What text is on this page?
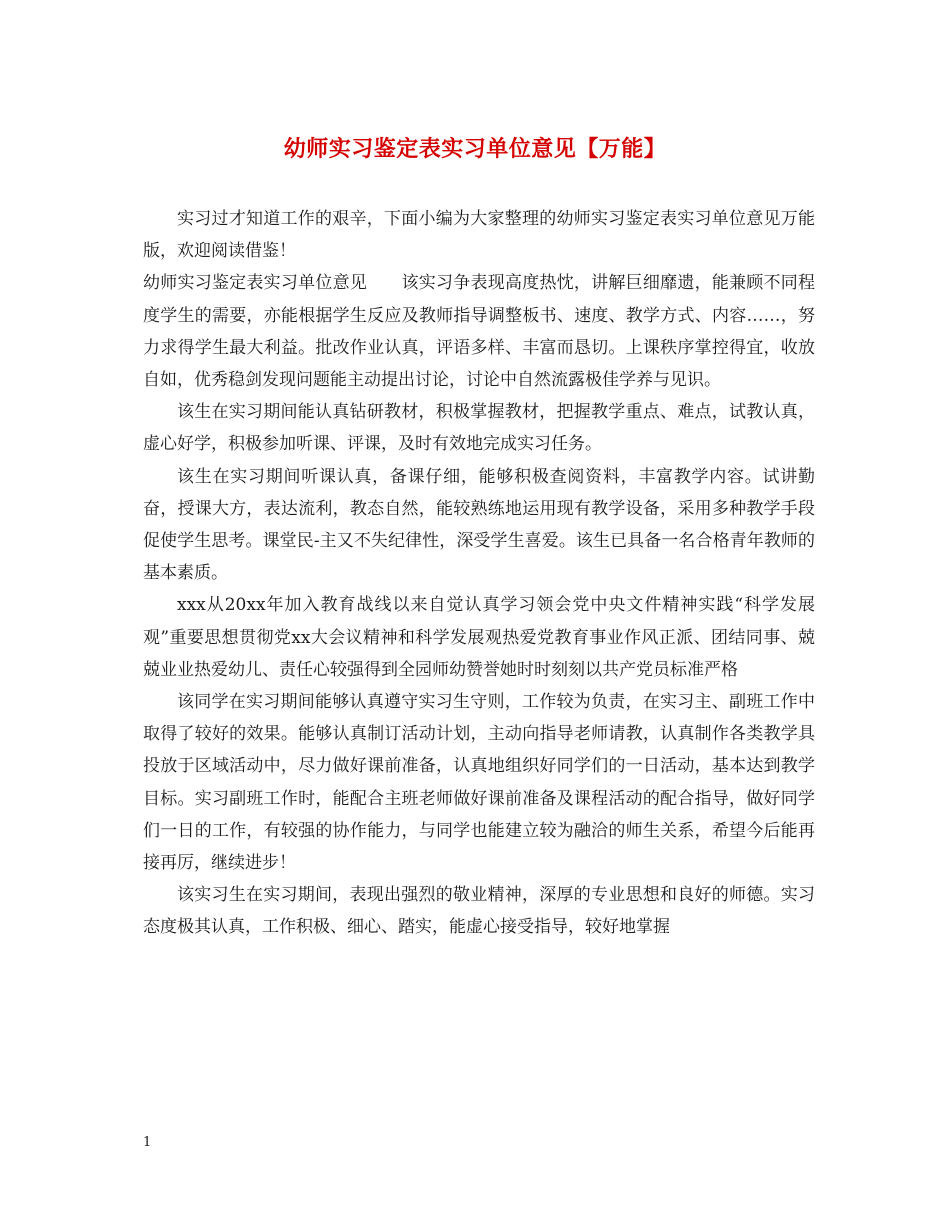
幼师实习鉴定表实习单位意见【万能】

实习过才知道工作的艰辛，下面小编为大家整理的幼师实习鉴定表实习单位意见万能版，欢迎阅读借鉴！

幼师实习鉴定表实习单位意见　　该实习争表现高度热忱，讲解巨细靡遗，能兼顾不同程度学生的需要，亦能根据学生反应及教师指导调整板书、速度、教学方式、内容……，努力求得学生最大利益。批改作业认真，评语多样、丰富而恳切。上课秩序掌控得宜，收放自如，优秀稳剑发现问题能主动提出讨论，讨论中自然流露极佳学养与见识。

该生在实习期间能认真钻研教材，积极掌握教材，把握教学重点、难点，试教认真，虚心好学，积极参加听课、评课，及时有效地完成实习任务。

该生在实习期间听课认真，备课仔细，能够积极查阅资料，丰富教学内容。试讲勤奋，授课大方，表达流利，教态自然，能较熟练地运用现有教学设备，采用多种教学手段促使学生思考。课堂民-主又不失纪律性，深受学生喜爱。该生已具备一名合格青年教师的基本素质。

xxx从20xx年加入教育战线以来自觉认真学习领会党中央文件精神实践“科学发展观”重要思想贯彻党xx大会议精神和科学发展观热爱党教育事业作风正派、团结同事、兢兢业业热爱幼儿、责任心较强得到全园师幼赞誉她时时刻刻以共产党员标准严格

该同学在实习期间能够认真遵守实习生守则，工作较为负责，在实习主、副班工作中取得了较好的效果。能够认真制订活动计划，主动向指导老师请教，认真制作各类教学具投放于区域活动中，尽力做好课前准备，认真地组织好同学们的一日活动，基本达到教学目标。实习副班工作时，能配合主班老师做好课前准备及课程活动的配合指导，做好同学们一日的工作，有较强的协作能力，与同学也能建立较为融洽的师生关系，希望今后能再接再厉，继续进步！

该实习生在实习期间，表现出强烈的敬业精神，深厚的专业思想和良好的师德。实习态度极其认真，工作积极、细心、踏实，能虚心接受指导，较好地掌握

1
